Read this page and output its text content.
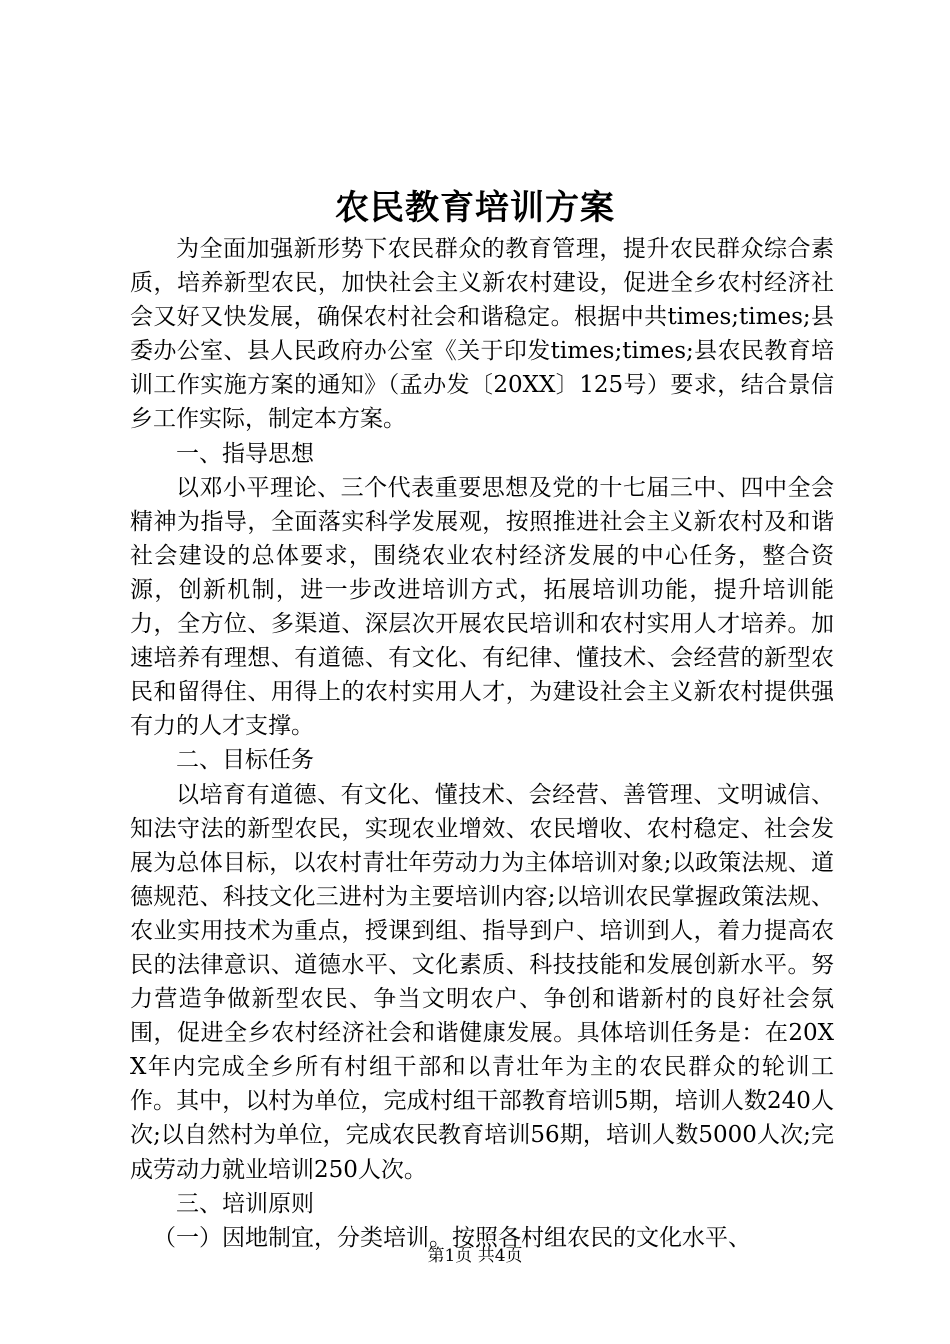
农民教育培训方案

为全面加强新形势下农民群众的教育管理，提升农民群众综合素质，培养新型农民，加快社会主义新农村建设，促进全乡农村经济社会又好又快发展，确保农村社会和谐稳定。根据中共times;times;县委办公室、县人民政府办公室《关于印发times;times;县农民教育培训工作实施方案的通知》（孟办发〔20XX〕125号）要求，结合景信乡工作实际，制定本方案。

一、指导思想

以邓小平理论、三个代表重要思想及党的十七届三中、四中全会精神为指导，全面落实科学发展观，按照推进社会主义新农村及和谐社会建设的总体要求，围绕农业农村经济发展的中心任务，整合资源，创新机制，进一步改进培训方式，拓展培训功能，提升培训能力，全方位、多渠道、深层次开展农民培训和农村实用人才培养。加速培养有理想、有道德、有文化、有纪律、懂技术、会经营的新型农民和留得住、用得上的农村实用人才，为建设社会主义新农村提供强有力的人才支撑。

二、目标任务

以培育有道德、有文化、懂技术、会经营、善管理、文明诚信、知法守法的新型农民，实现农业增效、农民增收、农村稳定、社会发展为总体目标，以农村青壮年劳动力为主体培训对象;以政策法规、道德规范、科技文化三进村为主要培训内容;以培训农民掌握政策法规、农业实用技术为重点，授课到组、指导到户、培训到人，着力提高农民的法律意识、道德水平、文化素质、科技技能和发展创新水平。努力营造争做新型农民、争当文明农户、争创和谐新村的良好社会氛围，促进全乡农村经济社会和谐健康发展。具体培训任务是：在20XX年内完成全乡所有村组干部和以青壮年为主的农民群众的轮训工作。其中，以村为单位，完成村组干部教育培训5期，培训人数240人次;以自然村为单位，完成农民教育培训56期，培训人数5000人次;完成劳动力就业培训250人次。

三、培训原则

（一）因地制宜，分类培训。按照各村组农民的文化水平、

第1页 共4页
